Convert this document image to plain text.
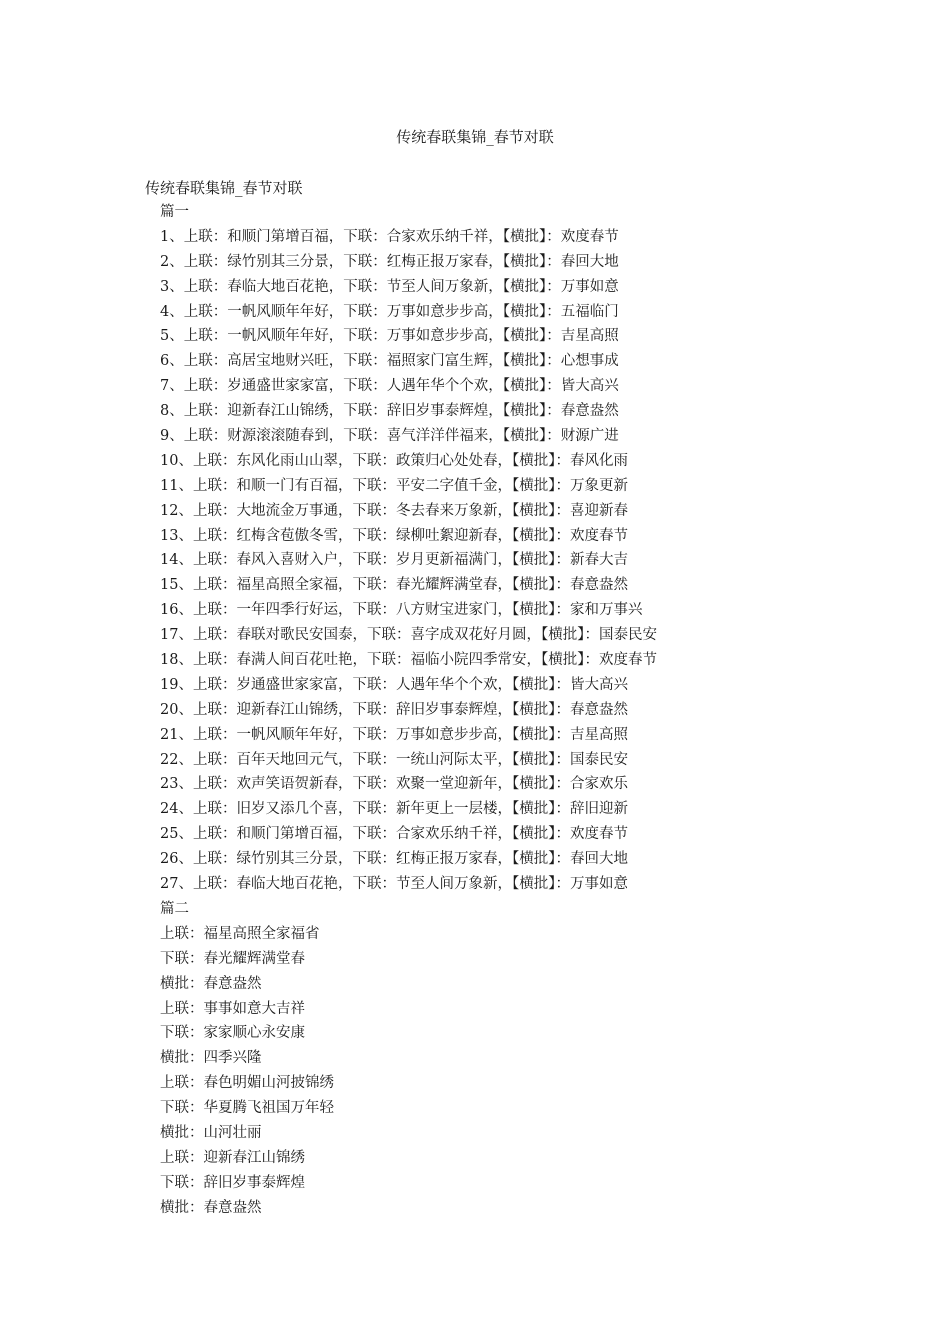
传统春联集锦_春节对联
传统春联集锦_春节对联
篇一
1、上联：和顺门第增百福，下联：合家欢乐纳千祥，【横批】：欢度春节
2、上联：绿竹别其三分景，下联：红梅正报万家春，【横批】：春回大地
3、上联：春临大地百花艳，下联：节至人间万象新，【横批】：万事如意
4、上联：一帆风顺年年好，下联：万事如意步步高，【横批】：五福临门
5、上联：一帆风顺年年好，下联：万事如意步步高，【横批】：吉星高照
6、上联：高居宝地财兴旺，下联：福照家门富生辉，【横批】：心想事成
7、上联：岁通盛世家家富，下联：人遇年华个个欢，【横批】：皆大高兴
8、上联：迎新春江山锦绣，下联：辞旧岁事泰辉煌，【横批】：春意盎然
9、上联：财源滚滚随春到，下联：喜气洋洋伴福来，【横批】：财源广进
10、上联：东风化雨山山翠，下联：政策归心处处春，【横批】：春风化雨
11、上联：和顺一门有百福，下联：平安二字值千金，【横批】：万象更新
12、上联：大地流金万事通，下联：冬去春来万象新，【横批】：喜迎新春
13、上联：红梅含苞傲冬雪，下联：绿柳吐絮迎新春，【横批】：欢度春节
14、上联：春风入喜财入户，下联：岁月更新福满门，【横批】：新春大吉
15、上联：福星高照全家福，下联：春光耀辉满堂春，【横批】：春意盎然
16、上联：一年四季行好运，下联：八方财宝进家门，【横批】：家和万事兴
17、上联：春联对歌民安国泰，下联：喜字成双花好月圆，【横批】：国泰民安
18、上联：春满人间百花吐艳，下联：福临小院四季常安，【横批】：欢度春节
19、上联：岁通盛世家家富，下联：人遇年华个个欢，【横批】：皆大高兴
20、上联：迎新春江山锦绣，下联：辞旧岁事泰辉煌，【横批】：春意盎然
21、上联：一帆风顺年年好，下联：万事如意步步高，【横批】：吉星高照
22、上联：百年天地回元气，下联：一统山河际太平，【横批】：国泰民安
23、上联：欢声笑语贺新春，下联：欢聚一堂迎新年，【横批】：合家欢乐
24、上联：旧岁又添几个喜，下联：新年更上一层楼，【横批】：辞旧迎新
25、上联：和顺门第增百福，下联：合家欢乐纳千祥，【横批】：欢度春节
26、上联：绿竹别其三分景，下联：红梅正报万家春，【横批】：春回大地
27、上联：春临大地百花艳，下联：节至人间万象新，【横批】：万事如意
篇二
上联：福星高照全家福省
下联：春光耀辉满堂春
横批：春意盎然
上联：事事如意大吉祥
下联：家家顺心永安康
横批：四季兴隆
上联：春色明媚山河披锦绣
下联：华夏腾飞祖国万年轻
横批：山河壮丽
上联：迎新春江山锦绣
下联：辞旧岁事泰辉煌
横批：春意盎然
